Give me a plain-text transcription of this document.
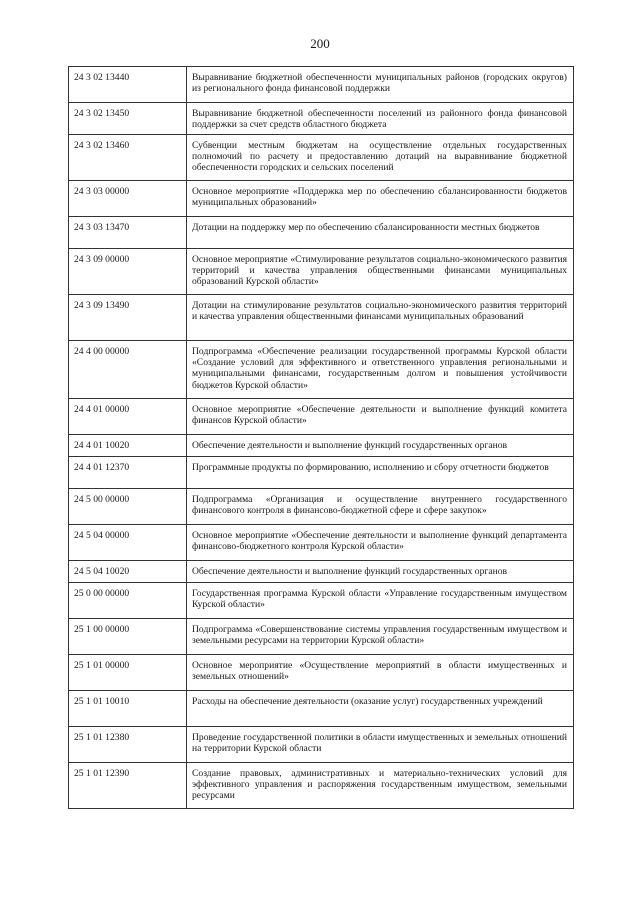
200
24 3 02 13440	Выравнивание бюджетной обеспеченности муниципальных районов (городских округов) из регионального фонда финансовой поддержки
24 3 02 13450	Выравнивание бюджетной обеспеченности поселений из районного фонда финансовой поддержки за счет средств областного бюджета
24 3 02 13460	Субвенции местным бюджетам на осуществление отдельных государственных полномочий по расчету и предоставлению дотаций на выравнивание бюджетной обеспеченности городских и сельских поселений
24 3 03 00000	Основное мероприятие «Поддержка мер по обеспечению сбалансированности бюджетов муниципальных образований»
24 3 03 13470	Дотации на поддержку мер по обеспечению сбалансированности местных бюджетов
24 3 09 00000	Основное мероприятие «Стимулирование результатов социально-экономического развития территорий и качества управления общественными финансами муниципальных образований Курской области»
24 3 09 13490	Дотации на стимулирование результатов социально-экономического развития территорий и качества управления общественными финансами муниципальных образований
24 4 00 00000	Подпрограмма «Обеспечение реализации государственной программы Курской области «Создание условий для эффективного и ответственного управления региональными и муниципальными финансами, государственным долгом и повышения устойчивости бюджетов Курской области»
24 4 01 00000	Основное мероприятие «Обеспечение деятельности и выполнение функций комитета финансов Курской области»
24 4 01 10020	Обеспечение деятельности и выполнение функций государственных органов
24 4 01 12370	Программные продукты по формированию, исполнению и сбору отчетности бюджетов
24 5 00 00000	Подпрограмма «Организация и осуществление внутреннего государственного финансового контроля в финансово-бюджетной сфере и сфере закупок»
24 5 04 00000	Основное мероприятие «Обеспечение деятельности и выполнение функций департамента финансово-бюджетного контроля Курской области»
24 5 04 10020	Обеспечение деятельности и выполнение функций государственных органов
25 0 00 00000	Государственная программа Курской области «Управление государственным имуществом Курской области»
25 1 00 00000	Подпрограмма «Совершенствование системы управления государственным имуществом и земельными ресурсами на территории Курской области»
25 1 01 00000	Основное мероприятие «Осуществление мероприятий в области имущественных и земельных отношений»
25 1 01 10010	Расходы на обеспечение деятельности (оказание услуг) государственных учреждений
25 1 01 12380	Проведение государственной политики в области имущественных и земельных отношений на территории Курской области
25 1 01 12390	Создание правовых, административных и материально-технических условий для эффективного управления и распоряжения государственным имуществом, земельными ресурсами
